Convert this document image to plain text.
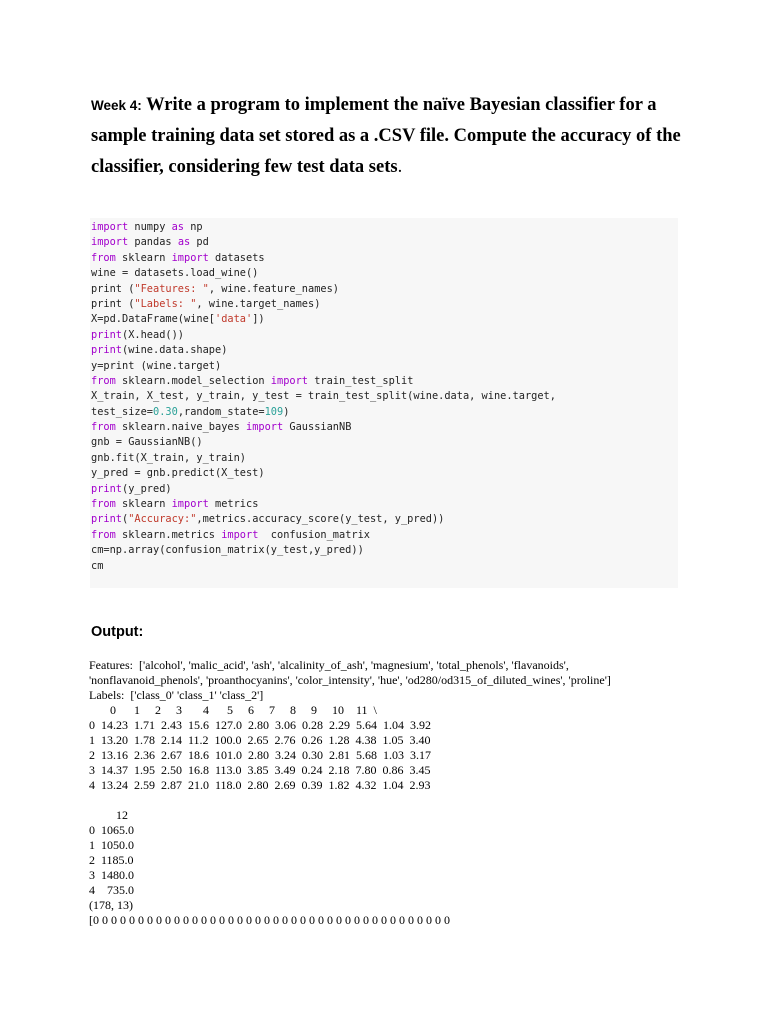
Week 4: Write a program to implement the naïve Bayesian classifier for a
sample training data set stored as a .CSV file. Compute the accuracy of the
classifier, considering few test data sets.
import numpy as np
import pandas as pd
from sklearn import datasets
wine = datasets.load_wine()
print ("Features: ", wine.feature_names)
print ("Labels: ", wine.target_names)
X=pd.DataFrame(wine['data'])
print(X.head())
print(wine.data.shape)
y=print (wine.target)
from sklearn.model_selection import train_test_split
X_train, X_test, y_train, y_test = train_test_split(wine.data, wine.target,
test_size=0.30,random_state=109)
from sklearn.naive_bayes import GaussianNB
gnb = GaussianNB()
gnb.fit(X_train, y_train)
y_pred = gnb.predict(X_test)
print(y_pred)
from sklearn import metrics
print("Accuracy:",metrics.accuracy_score(y_test, y_pred))
from sklearn.metrics import  confusion_matrix
cm=np.array(confusion_matrix(y_test,y_pred))
cm
Output:
Features:  ['alcohol', 'malic_acid', 'ash', 'alcalinity_of_ash', 'magnesium', 'total_phenols', 'flavanoids',
'nonflavanoid_phenols', 'proanthocyanins', 'color_intensity', 'hue', 'od280/od315_of_diluted_wines', 'proline']
Labels:  ['class_0' 'class_1' 'class_2']
0      1     2     3       4      5     6     7     8     9     10    11  \
0  14.23  1.71  2.43  15.6  127.0  2.80  3.06  0.28  2.29  5.64  1.04  3.92
1  13.20  1.78  2.14  11.2  100.0  2.65  2.76  0.26  1.28  4.38  1.05  3.40
2  13.16  2.36  2.67  18.6  101.0  2.80  3.24  0.30  2.81  5.68  1.03  3.17
3  14.37  1.95  2.50  16.8  113.0  3.85  3.49  0.24  2.18  7.80  0.86  3.45
4  13.24  2.59  2.87  21.0  118.0  2.80  2.69  0.39  1.82  4.32  1.04  2.93
12
0  1065.0
1  1050.0
2  1185.0
3  1480.0
4    735.0
(178, 13)
[0 0 0 0 0 0 0 0 0 0 0 0 0 0 0 0 0 0 0 0 0 0 0 0 0 0 0 0 0 0 0 0 0 0 0 0 0 0 0 0
